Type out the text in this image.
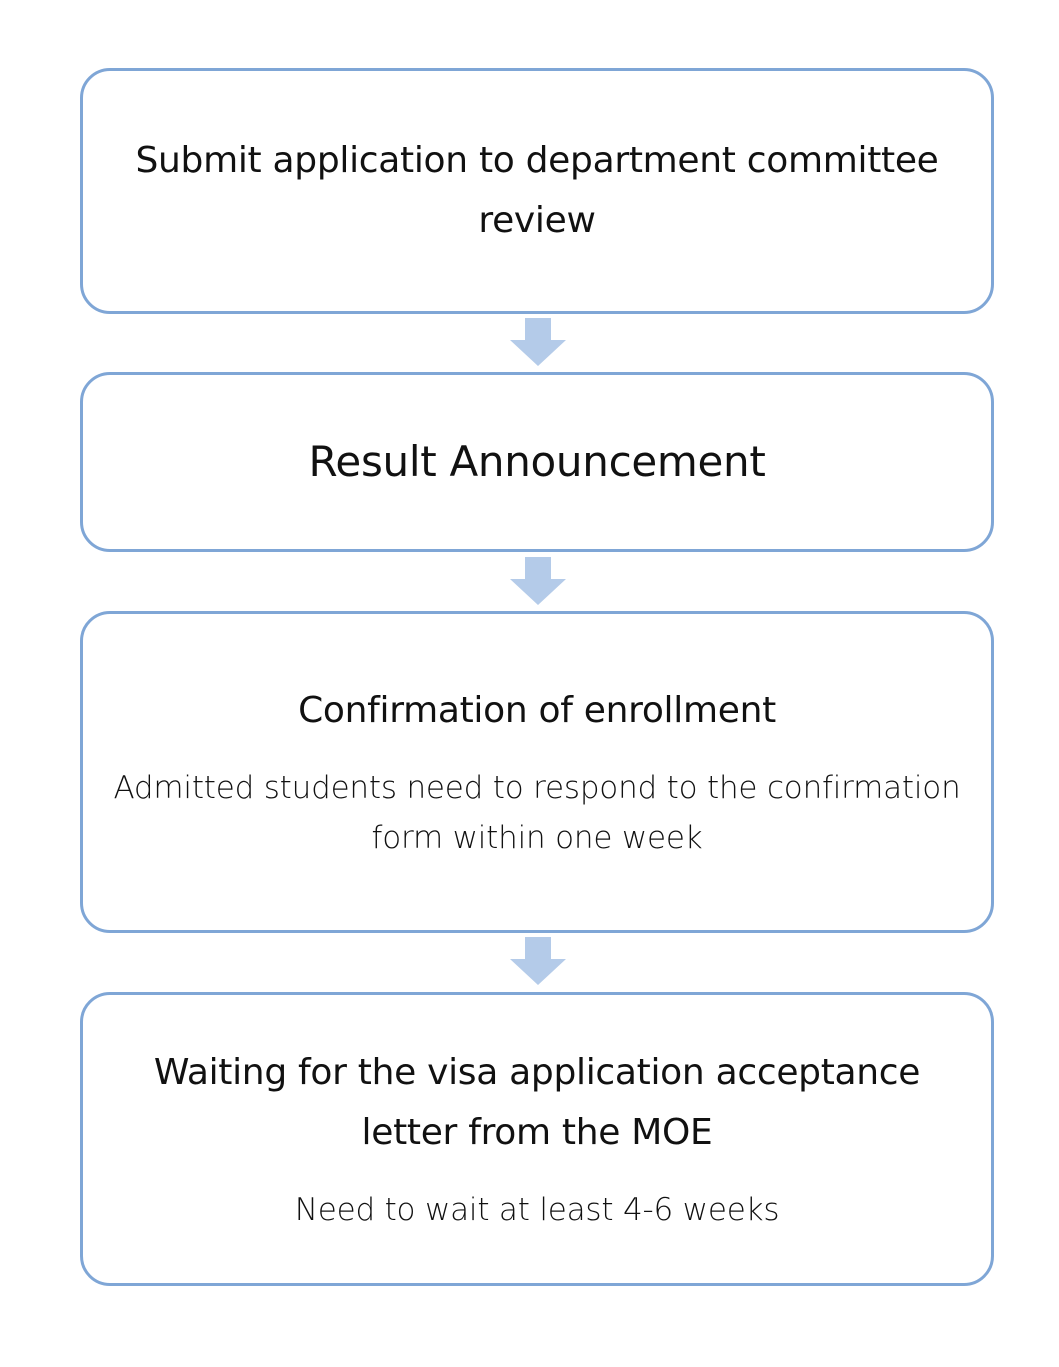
Submit application to department committee review
Result Announcement
Confirmation of enrollment
Admitted students need to respond to the confirmation form within one week
Waiting for the visa application acceptance letter from the MOE
Need to wait at least 4-6 weeks
